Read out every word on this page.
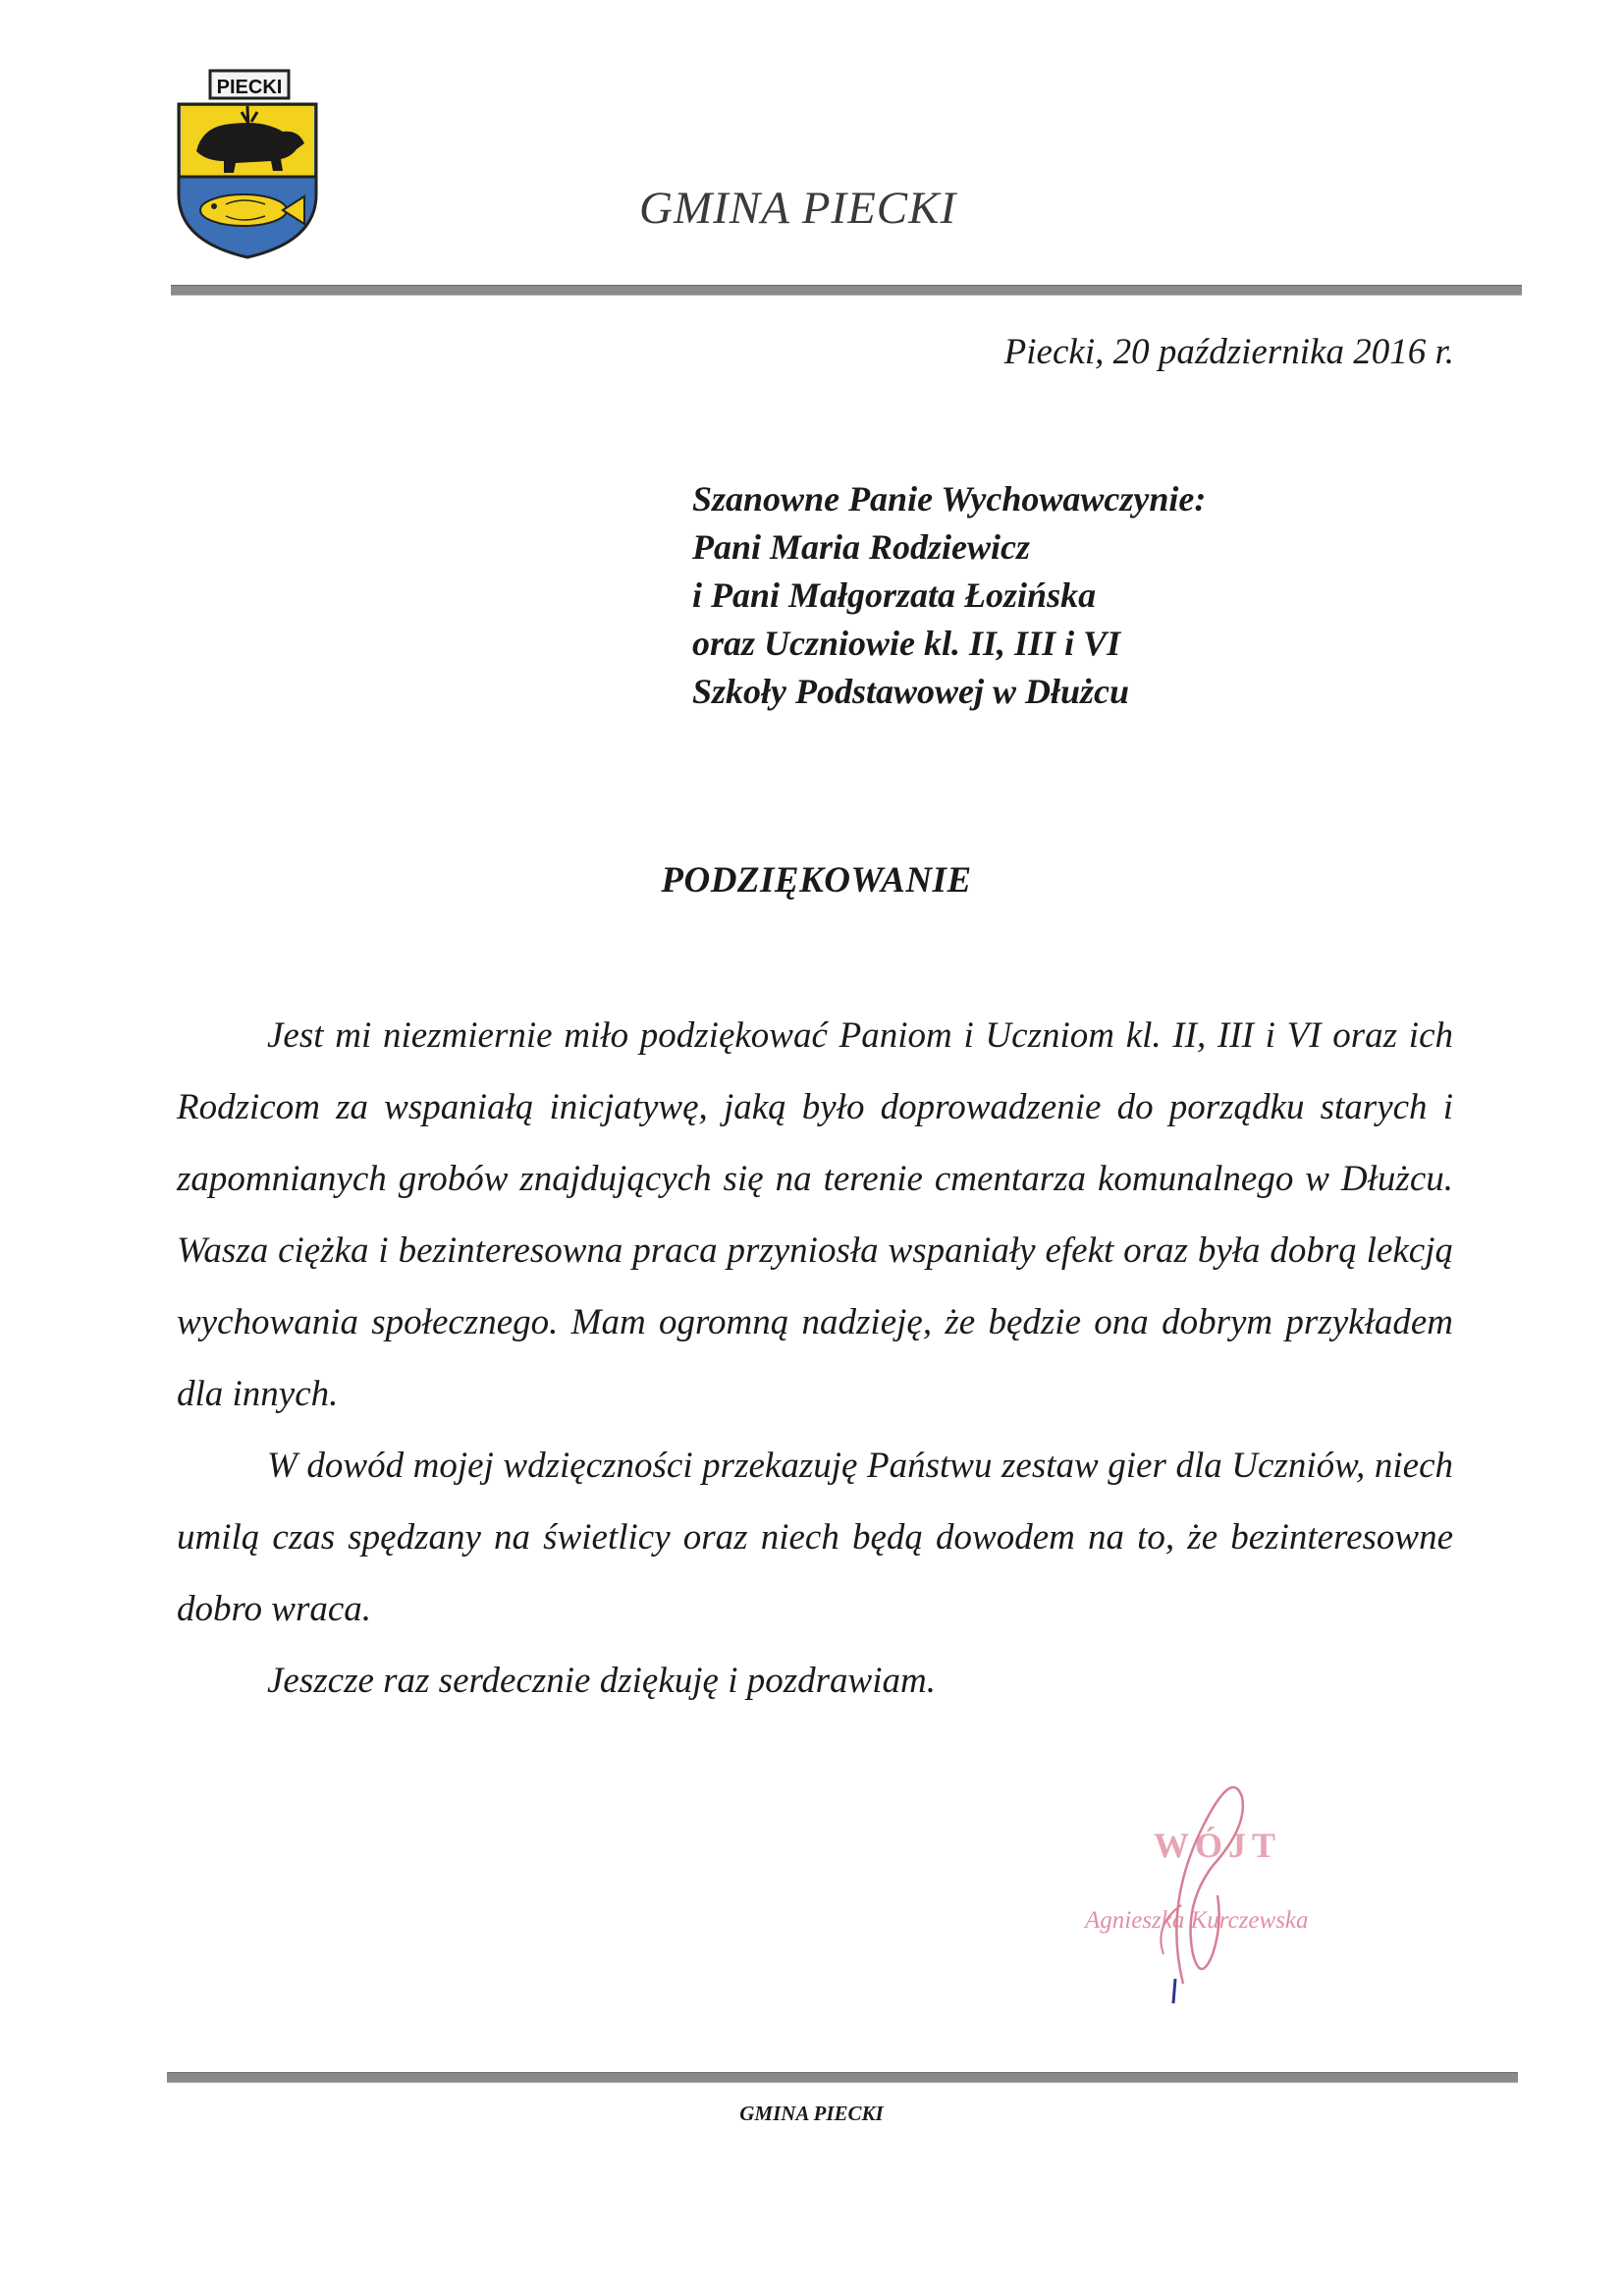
PIECKI
GMINA PIECKI
Piecki, 20 października 2016 r.
Szanowne Panie Wychowawczynie:
Pani Maria Rodziewicz
i Pani Małgorzata Łozińska
oraz Uczniowie kl. II, III i VI
Szkoły Podstawowej w Dłużcu
PODZIĘKOWANIE

Jest mi niezmiernie miło podziękować Paniom i Uczniom kl. II, III i VI oraz ich Rodzicom za wspaniałą inicjatywę, jaką było doprowadzenie do porządku starych i zapomnianych grobów znajdujących się na terenie cmentarza komunalnego w Dłużcu. Wasza ciężka i bezinteresowna praca przyniosła wspaniały efekt oraz była dobrą lekcją wychowania społecznego. Mam ogromną nadzieję, że będzie ona dobrym przykładem dla innych.

W dowód mojej wdzięczności przekazuję Państwu zestaw gier dla Uczniów, niech umilą czas spędzany na świetlicy oraz niech będą dowodem na to, że bezinteresowne dobro wraca.

Jeszcze raz serdecznie dziękuję i pozdrawiam.

WÓJT
Agnieszka Kurczewska
GMINA PIECKI
